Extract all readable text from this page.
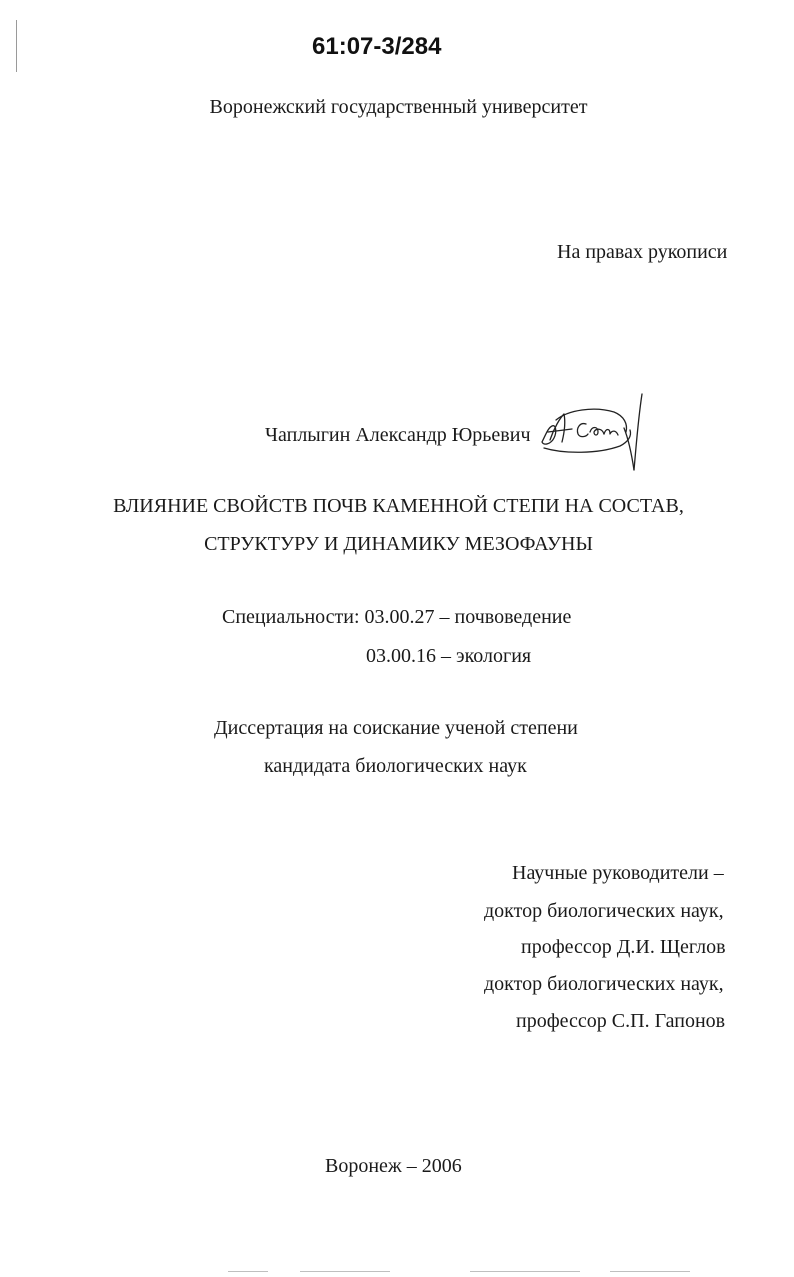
61:07-3/284
Воронежский государственный университет
На правах рукописи
Чаплыгин Александр Юрьевич
ВЛИЯНИЕ СВОЙСТВ ПОЧВ КАМЕННОЙ СТЕПИ НА СОСТАВ,
СТРУКТУРУ И ДИНАМИКУ МЕЗОФАУНЫ
Специальности: 03.00.27 – почвоведение
03.00.16 – экология
Диссертация на соискание ученой степени
кандидата биологических наук
Научные руководители –
доктор биологических наук,
профессор Д.И. Щеглов
доктор биологических наук,
профессор С.П. Гапонов
Воронеж – 2006
